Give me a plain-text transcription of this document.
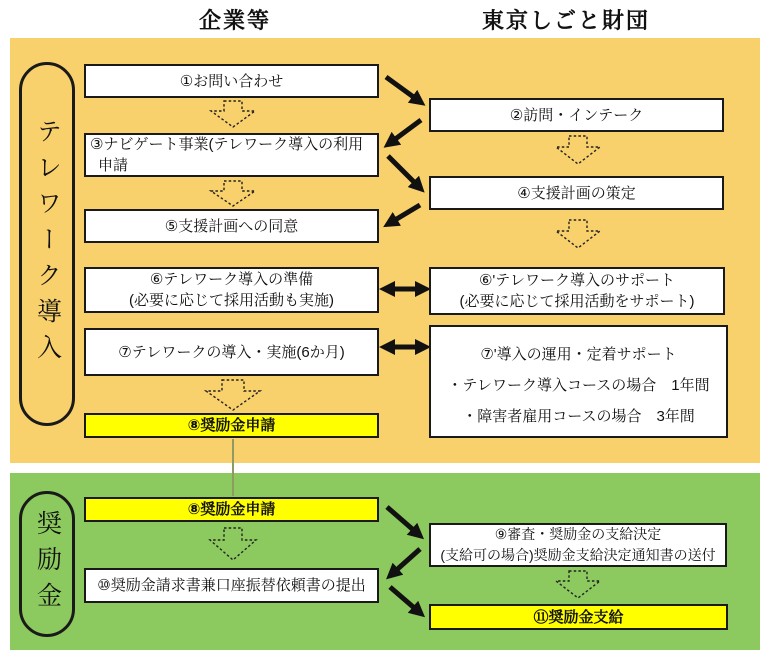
企業等	東京しごと財団
テレワーク導入
奨励金
①お問い合わせ
③ナビゲート事業(テレワーク導入の利用
申請
⑤支援計画への同意
⑥テレワーク導入の準備
(必要に応じて採用活動も実施)
⑦テレワークの導入・実施(6か月)
⑧奨励金申請
②訪問・インテーク
④支援計画の策定
⑥'テレワーク導入のサポート
(必要に応じて採用活動をサポート)
⑦'導入の運用・定着サポート
・テレワーク導入コースの場合　1年間
・障害者雇用コースの場合　3年間
⑧奨励金申請
⑩奨励金請求書兼口座振替依頼書の提出
⑨審査・奨励金の支給決定
(支給可の場合)奨励金支給決定通知書の送付
⑪奨励金支給
